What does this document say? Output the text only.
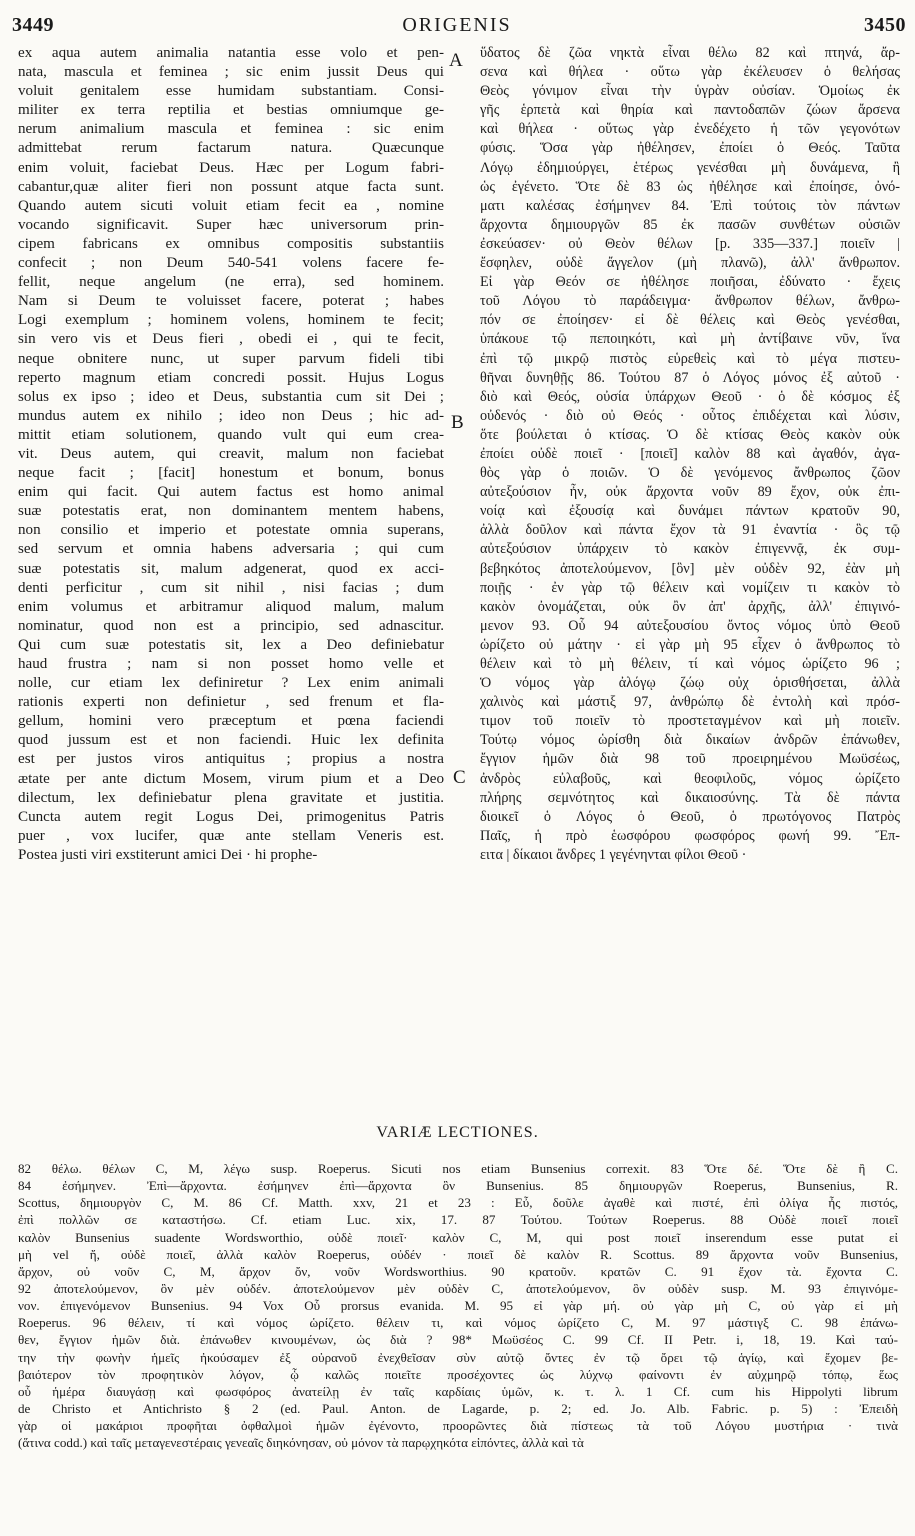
3449	ORIGENIS	3450
ex aqua autem animalia natantia esse volo et pen-
nata, mascula et feminea ; sic enim jussit Deus qui
voluit genitalem esse humidam substantiam. Consi-
militer ex terra reptilia et bestias omniumque ge-
nerum animalium mascula et feminea : sic enim
admittebat rerum factarum natura. Quæcunque
enim voluit, faciebat Deus. Hæc per Logum fabri-
cabantur,quæ aliter fieri non possunt atque facta sunt.
Quando autem sicuti voluit etiam fecit ea , nomine
vocando significavit. Super hæc universorum prin-
cipem fabricans ex omnibus compositis substantiis
confecit ; non Deum 540-541 volens facere fe-
fellit, neque angelum (ne erra), sed hominem.
Nam si Deum te voluisset facere, poterat ; habes
Logi exemplum ; hominem volens, hominem te fecit;
sin vero vis et Deus fieri , obedi ei , qui te fecit,
neque obnitere nunc, ut super parvum fideli tibi
reperto magnum etiam concredi possit. Hujus Logus
solus ex ipso ; ideo et Deus, substantia cum sit Dei ;
mundus autem ex nihilo ; ideo non Deus ; hic ad-
mittit etiam solutionem, quando vult qui eum crea-
vit. Deus autem, qui creavit, malum non faciebat
neque facit ; [facit] honestum et bonum, bonus
enim qui facit. Qui autem factus est homo animal
suæ potestatis erat, non dominantem mentem habens,
non consilio et imperio et potestate omnia superans,
sed servum et omnia habens adversaria ; qui cum
suæ potestatis sit, malum adgenerat, quod ex acci-
denti perficitur , cum sit nihil , nisi facias ; dum
enim volumus et arbitramur aliquod malum, malum
nominatur, quod non est a principio, sed adnascitur.
Qui cum suæ potestatis sit, lex a Deo definiebatur
haud frustra ; nam si non posset homo velle et
nolle, cur etiam lex definiretur ? Lex enim animali
rationis experti non definietur , sed frenum et fla-
gellum, homini vero præceptum et pœna faciendi
quod jussum est et non faciendi. Huic lex definita
est per justos viros antiquitus ; propius a nostra
ætate per ante dictum Mosem, virum pium et a Deo
dilectum, lex definiebatur plena gravitate et justitia.
Cuncta autem regit Logus Dei, primogenitus Patris
puer , vox lucifer, quæ ante stellam Veneris est.
Postea justi viri exstiterunt amici Dei · hi prophe-
ὕδατος δὲ ζῶα νηκτὰ εἶναι θέλω 82 καὶ πτηνά, ἄρ-
σενα καὶ θήλεα · οὕτω γὰρ ἐκέλευσεν ὁ θελήσας
Θεὸς γόνιμον εἶναι τὴν ὑγρὰν οὐσίαν. Ὁμοίως ἐκ
γῆς ἑρπετὰ καὶ θηρία καὶ παντοδαπῶν ζώων ἄρσενα
καὶ θήλεα · οὕτως γὰρ ἐνεδέχετο ἡ τῶν γεγονότων
φύσις. Ὅσα γὰρ ἠθέλησεν, ἐποίει ὁ Θεός. Ταῦτα
Λόγῳ ἐδημιούργει, ἑτέρως γενέσθαι μὴ δυνάμενα, ἢ
ὡς ἐγένετο. Ὅτε δὲ 83 ὡς ἠθέλησε καὶ ἐποίησε, ὀνό-
ματι καλέσας ἐσήμηνεν 84. Ἐπὶ τούτοις τὸν πάντων
ἄρχοντα δημιουργῶν 85 ἐκ πασῶν συνθέτων οὐσιῶν
ἐσκεύασεν· οὐ Θεὸν θέλων [p. 335—337.] ποιεῖν |
ἔσφηλεν, οὐδὲ ἄγγελον (μὴ πλανῶ), ἀλλ' ἄνθρωπον.
Εἰ γὰρ Θεόν σε ἠθέλησε ποιῆσαι, ἐδύνατο · ἔχεις
τοῦ Λόγου τὸ παράδειγμα· ἄνθρωπον θέλων, ἄνθρω-
πόν σε ἐποίησεν· εἰ δὲ θέλεις καὶ Θεὸς γενέσθαι,
ὑπάκουε τῷ πεποιηκότι, καὶ μὴ ἀντίβαινε νῦν, ἵνα
ἐπὶ τῷ μικρῷ πιστὸς εὑρεθεὶς καὶ τὸ μέγα πιστευ-
θῆναι δυνηθῇς 86. Τούτου 87 ὁ Λόγος μόνος ἐξ αὐτοῦ ·
διὸ καὶ Θεός, οὐσία ὑπάρχων Θεοῦ · ὁ δὲ κόσμος ἐξ
οὐδενός · διὸ οὐ Θεός · οὗτος ἐπιδέχεται καὶ λύσιν,
ὅτε βούλεται ὁ κτίσας. Ὁ δὲ κτίσας Θεὸς κακὸν οὐκ
ἐποίει οὐδὲ ποιεῖ · [ποιεῖ] καλὸν 88 καὶ ἀγαθόν, ἀγα-
θὸς γὰρ ὁ ποιῶν. Ὁ δὲ γενόμενος ἄνθρωπος ζῶον
αὐτεξούσιον ἦν, οὐκ ἄρχοντα νοῦν 89 ἔχον, οὐκ ἐπι-
νοίᾳ καὶ ἐξουσίᾳ καὶ δυνάμει πάντων κρατοῦν 90,
ἀλλὰ δοῦλον καὶ πάντα ἔχον τὰ 91 ἐναντία · ὃς τῷ
αὐτεξούσιον ὑπάρχειν τὸ κακὸν ἐπιγεννᾷ, ἐκ συμ-
βεβηκότος ἀποτελούμενον, [ὃν] μὲν οὐδὲν 92, ἐὰν μὴ
ποιῇς · ἐν γὰρ τῷ θέλειν καὶ νομίζειν τι κακὸν τὸ
κακὸν ὀνομάζεται, οὐκ ὂν ἀπ' ἀρχῆς, ἀλλ' ἐπιγινό-
μενον 93. Οὗ 94 αὐτεξουσίου ὄντος νόμος ὑπὸ Θεοῦ
ὡρίζετο οὐ μάτην · εἰ γὰρ μὴ 95 εἶχεν ὁ ἄνθρωπος τὸ
θέλειν καὶ τὸ μὴ θέλειν, τί καὶ νόμος ὡρίζετο 96 ;
Ὁ νόμος γὰρ ἀλόγῳ ζώῳ οὐχ ὁρισθήσεται, ἀλλὰ
χαλινὸς καὶ μάστιξ 97, ἀνθρώπῳ δὲ ἐντολὴ καὶ πρόσ-
τιμον τοῦ ποιεῖν τὸ προστεταγμένον καὶ μὴ ποιεῖν.
Τούτῳ νόμος ὡρίσθη διὰ δικαίων ἀνδρῶν ἐπάνωθεν,
ἔγγιον ἡμῶν διὰ 98 τοῦ προειρημένου Μωϋσέως,
ἀνδρὸς εὐλαβοῦς, καὶ θεοφιλοῦς, νόμος ὡρίζετο
πλήρης σεμνότητος καὶ δικαιοσύνης. Τὰ δὲ πάντα
διοικεῖ ὁ Λόγος ὁ Θεοῦ, ὁ πρωτόγονος Πατρὸς
Παῖς, ἡ πρὸ ἑωσφόρου φωσφόρος φωνή 99. Ἔπ-
ειτα | δίκαιοι ἄνδρες 1 γεγένηνται φίλοι Θεοῦ ·
A
B
C
VARIÆ LECTIONES.
82 θέλω. θέλων C, M, λέγω susp. Roeperus. Sicuti nos etiam Bunsenius correxit. 83 Ὅτε δέ. Ὅτε δὲ ἢ C.
84 ἐσήμηνεν. Ἐπὶ—ἄρχοντα. ἐσήμηνεν ἐπὶ—ἄρχοντα ὃν Bunsenius. 85 δημιουργῶν Roeperus, Bunsenius, R.
Scottus, δημιουργὸν C, M. 86 Cf. Matth. xxv, 21 et 23 : Εὖ, δοῦλε ἀγαθὲ καὶ πιστέ, ἐπὶ ὀλίγα ἦς πιστός,
ἐπὶ πολλῶν σε καταστήσω. Cf. etiam Luc. xix, 17. 87 Τούτου. Τούτων Roeperus. 88 Οὐδὲ ποιεῖ ποιεῖ
καλὸν Bunsenius suadente Wordsworthio, οὐδὲ ποιεῖ· καλὸν C, M, qui post ποιεῖ inserendum esse putat εἰ
μὴ vel ἤ, οὐδὲ ποιεῖ, ἀλλὰ καλὸν Roeperus, οὐδέν · ποιεῖ δὲ καλὸν R. Scottus. 89 ἄρχοντα νοῦν Bunsenius,
ἄρχον, οὐ νοῦν C, M, ἄρχον ὄν, νοῦν Wordsworthius. 90 κρατοῦν. κρατῶν C. 91 ἔχον τὰ. ἔχοντα C.
92 ἀποτελούμενον, ὃν μὲν οὐδέν. ἀποτελούμενον μὲν οὐδὲν C, ἀποτελούμενον, ὃν οὐδὲν susp. M. 93 ἐπιγινόμε-
νον. ἐπιγενόμενον Bunsenius. 94 Vox Οὗ prorsus evanida. M. 95 εἰ γὰρ μή. οὐ γὰρ μὴ C, οὐ γὰρ εἰ μὴ
Roeperus. 96 θέλειν, τί καὶ νόμος ὡρίζετο. θέλειν τι, καὶ νόμος ὡρίζετο C, M. 97 μάστιγξ C. 98 ἐπάνω-
θεν, ἔγγιον ἡμῶν διὰ. ἐπάνωθεν κινουμένων, ὡς διὰ ? 98* Μωϋσέος C. 99 Cf. II Petr. i, 18, 19. Καὶ ταύ-
την τὴν φωνὴν ἡμεῖς ἠκούσαμεν ἐξ οὐρανοῦ ἐνεχθεῖσαν σὺν αὐτῷ ὄντες ἐν τῷ ὄρει τῷ ἁγίῳ, καὶ ἔχομεν βε-
βαιότερον τὸν προφητικὸν λόγον, ᾧ καλῶς ποιεῖτε προσέχοντες ὡς λύχνῳ φαίνοντι ἐν αὐχμηρῷ τόπῳ, ἕως
οὗ ἡμέρα διαυγάσῃ καὶ φωσφόρος ἀνατείλῃ ἐν ταῖς καρδίαις ὑμῶν, κ. τ. λ. 1 Cf. cum his Hippolyti librum
de Christo et Antichristo § 2 (ed. Paul. Anton. de Lagarde, p. 2; ed. Jo. Alb. Fabric. p. 5) : Ἐπειδὴ
γὰρ οἱ μακάριοι προφῆται ὀφθαλμοὶ ἡμῶν ἐγένοντο, προορῶντες διὰ πίστεως τὰ τοῦ Λόγου μυστήρια · τινὰ
(ἅτινα codd.) καὶ ταῖς μεταγενεστέραις γενεαῖς διηκόνησαν, οὐ μόνον τὰ παρῳχηκότα εἰπόντες, ἀλλὰ καὶ τὰ
